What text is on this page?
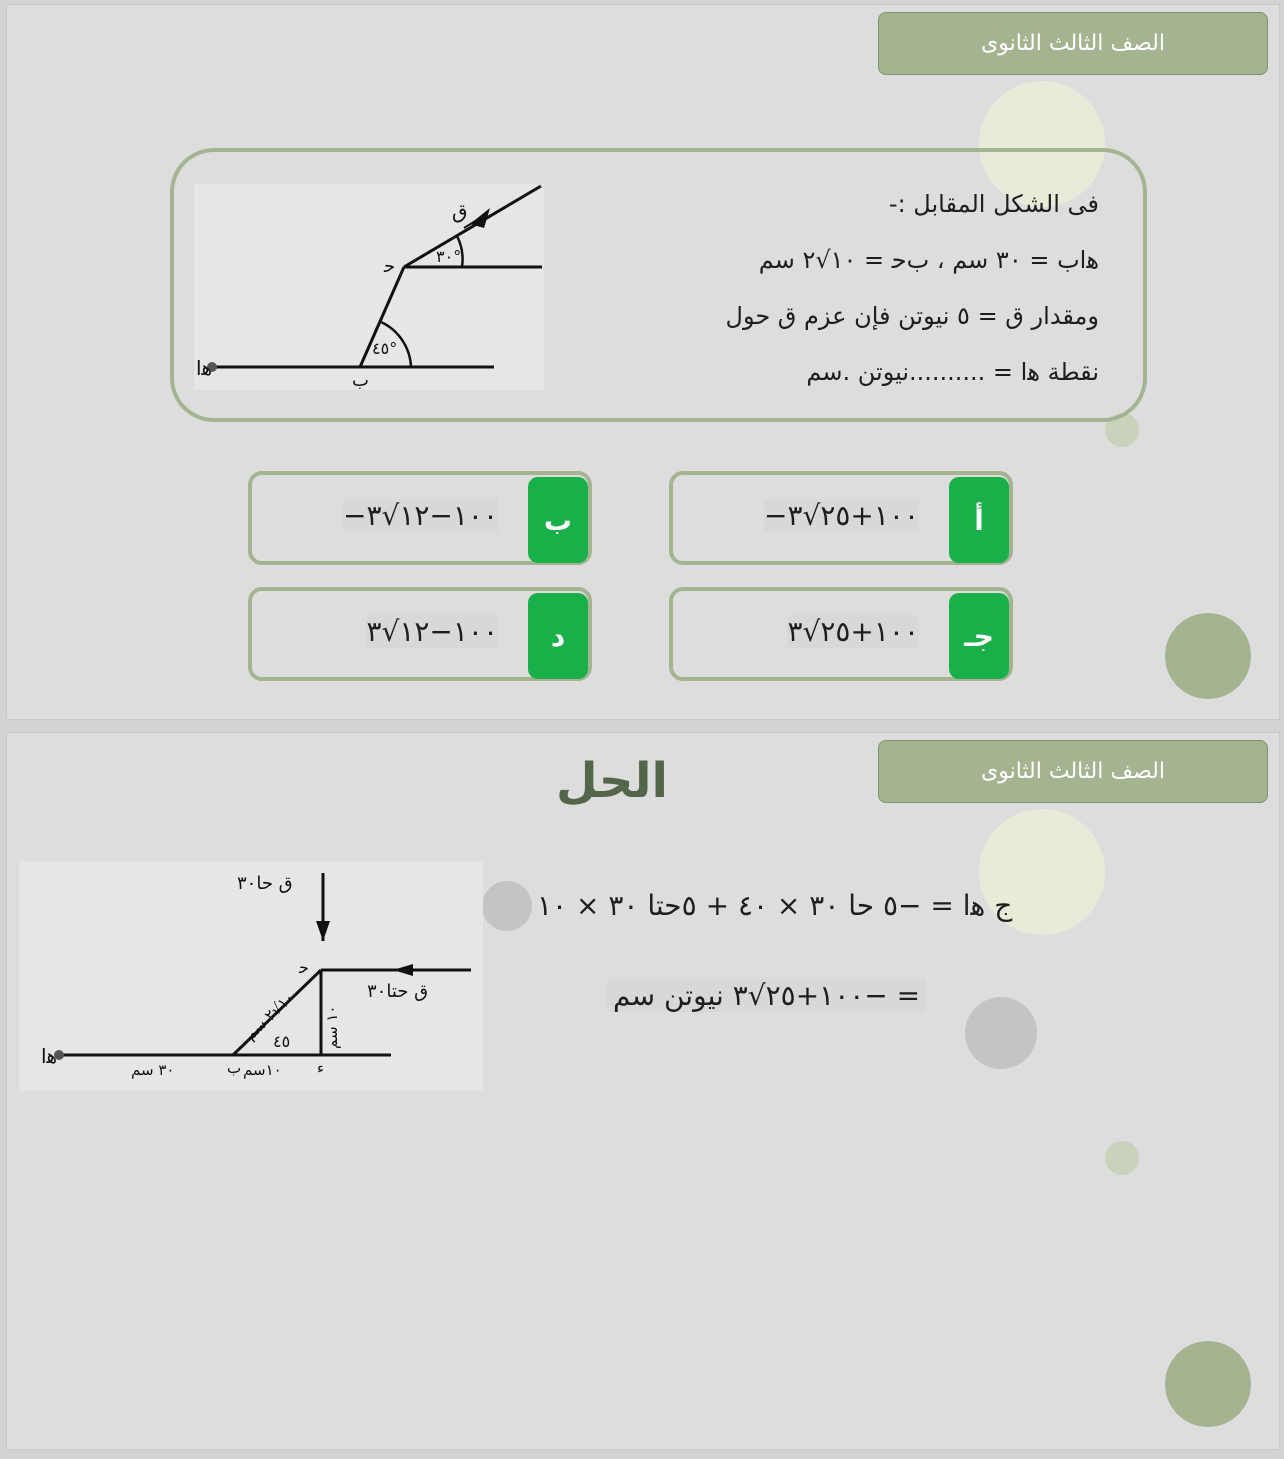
الصف الثالث الثانوى
ﻫﺍ
ب
ﺣ
ق
٣٠°
٤٥°
فى الشكل المقابل :-
ﻫﺍﺏ = ٣٠ سم ، ﺏﺣ = ١٠√٢ سم
ومقدار ق = ٥ نيوتن فإن عزم ق حول
نقطة ﻫﺍ = ..........نيوتن .سم
أ
−١٠٠+٢٥√٣
ب
−١٠٠−١٢√٣
جـ
١٠٠+٢٥√٣
د
١٠٠−١٢√٣
الصف الثالث الثانوى
الحل
ق حا٣٠
ق حتا٣٠
ﺣ
١٠√٢ سم
١٠ سم
٤٥
ﻫﺍ
٣٠ سم	ب ١٠سم ء
ج ﻫﺍ = −٥ حا ٣٠ × ٤٠ + ٥حتا ٣٠ × ١٠
= −١٠٠+٢٥√٣ نيوتن سم
